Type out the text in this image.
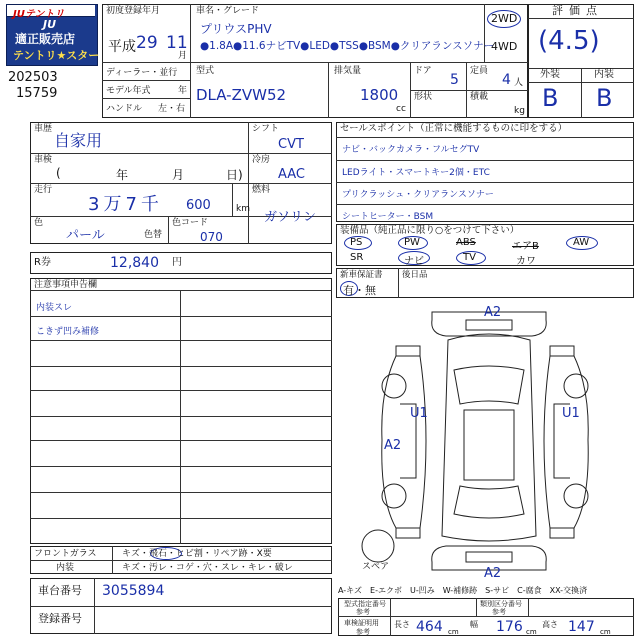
JUテントリ
JU
適正販売店
テントリ★スター
202503
15759
初度登録年月
平成 29 11
月
車名・グレード
プリウスPHV
●1.8A●11.6ナビTV●LED●TSS●BSM●クリアランスソナー
2WD
4WD
評価点
(4.5)
外装	内装
B B
ディーラー・並行
モデル年式	年
ハンドル 左・右
型式
DLA-ZVW52
排気量
1800
cc
ドア
5
形状
定員
4 人
積載
kg
車歴
自家用
車検
(	年	月	日)
走行
3万7千 600	km
色
パール	色替
色コード
070
シフト
CVT
冷房
AAC
燃料
ガソリン
R券	12,840 円
セールスポイント（正常に機能するものに印をする）
ナビ・バックカメラ・フルセグTV
LEDライト・スマートキー2個・ETC
プリクラッシュ・クリアランスソナー
シートヒーター・BSM
装備品（純正品に限り○をつけて下さい）
PS	PW	ABS	エアB	AW
SR	ナビ	TV	カワ
新車保証書
有・無
後日品
注意事項申告欄
内装スレ
こきず凹み補修
A2
U1	U1
A2
A2
スペア
フロントガラス	キズ・飛石・ヒビ割・リペア跡・X要
内装	キズ・汚レ・コゲ・穴・スレ・キレ・破レ
車台番号 3055894
登録番号
A-キズ　E-エクボ　U-凹み　W-補修跡　S-サビ　C-腐食　XX-交換済
型式指定番号
参考
類別区分番号
参考
車検証明用
参考
長さ 464 cm
幅 176 cm
高さ 147 cm
